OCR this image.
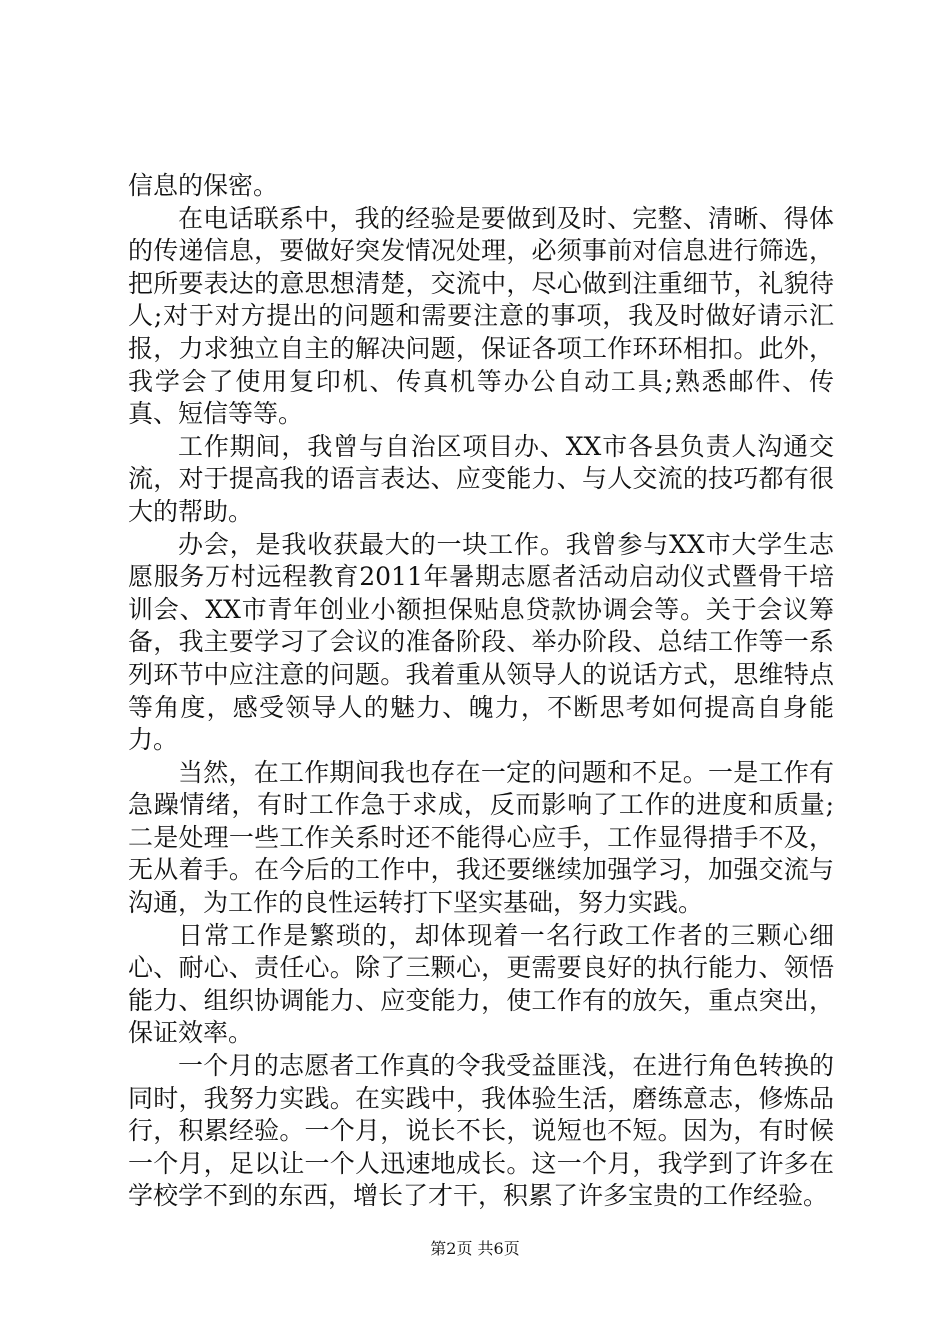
信息的保密。

在电话联系中，我的经验是要做到及时、完整、清晰、得体的传递信息，要做好突发情况处理，必须事前对信息进行筛选，把所要表达的意思想清楚，交流中，尽心做到注重细节，礼貌待人;对于对方提出的问题和需要注意的事项，我及时做好请示汇报，力求独立自主的解决问题，保证各项工作环环相扣。此外，我学会了使用复印机、传真机等办公自动工具;熟悉邮件、传真、短信等等。

工作期间，我曾与自治区项目办、XX市各县负责人沟通交流，对于提高我的语言表达、应变能力、与人交流的技巧都有很大的帮助。

办会，是我收获最大的一块工作。我曾参与XX市大学生志愿服务万村远程教育2011年暑期志愿者活动启动仪式暨骨干培训会、XX市青年创业小额担保贴息贷款协调会等。关于会议筹备，我主要学习了会议的准备阶段、举办阶段、总结工作等一系列环节中应注意的问题。我着重从领导人的说话方式，思维特点等角度，感受领导人的魅力、魄力，不断思考如何提高自身能力。

当然，在工作期间我也存在一定的问题和不足。一是工作有急躁情绪，有时工作急于求成，反而影响了工作的进度和质量;二是处理一些工作关系时还不能得心应手，工作显得措手不及，无从着手。在今后的工作中，我还要继续加强学习，加强交流与沟通，为工作的良性运转打下坚实基础，努力实践。

日常工作是繁琐的，却体现着一名行政工作者的三颗心细心、耐心、责任心。除了三颗心，更需要良好的执行能力、领悟能力、组织协调能力、应变能力，使工作有的放矢，重点突出，保证效率。

一个月的志愿者工作真的令我受益匪浅，在进行角色转换的同时，我努力实践。在实践中，我体验生活，磨练意志，修炼品行，积累经验。一个月，说长不长，说短也不短。因为，有时候一个月，足以让一个人迅速地成长。这一个月，我学到了许多在学校学不到的东西，增长了才干，积累了许多宝贵的工作经验。

第2页 共6页
